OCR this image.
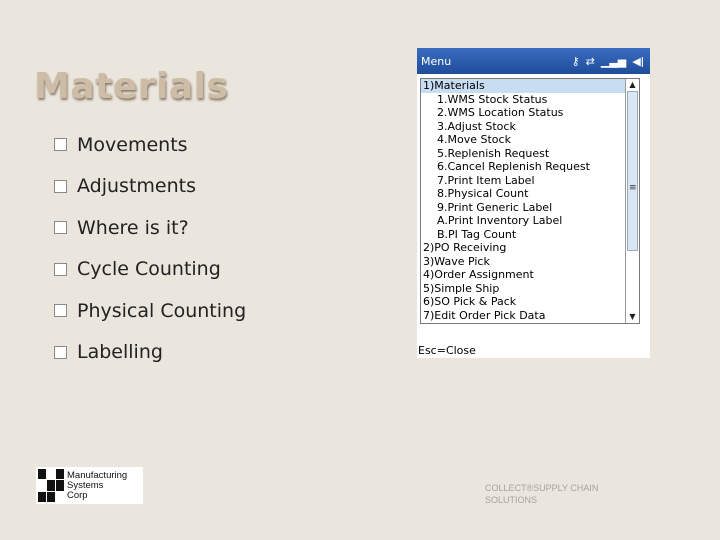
Materials
Movements
Adjustments
Where is it?
Cycle Counting
Physical Counting
Labelling
Menu	⚷ ⇄ ▁▃▅ ◀ǀ
1)Materials
1.WMS Stock Status
2.WMS Location Status
3.Adjust Stock
4.Move Stock
5.Replenish Request
6.Cancel Replenish Request
7.Print Item Label
8.Physical Count
9.Print Generic Label
A.Print Inventory Label
B.PI Tag Count
2)PO Receiving
3)Wave Pick
4)Order Assignment
5)Simple Ship
6)SO Pick & Pack
7)Edit Order Pick Data
▲
≡
▼
Esc=Close
Manufacturing
Systems
Corp
COLLECT®SUPPLY CHAIN
SOLUTIONS
